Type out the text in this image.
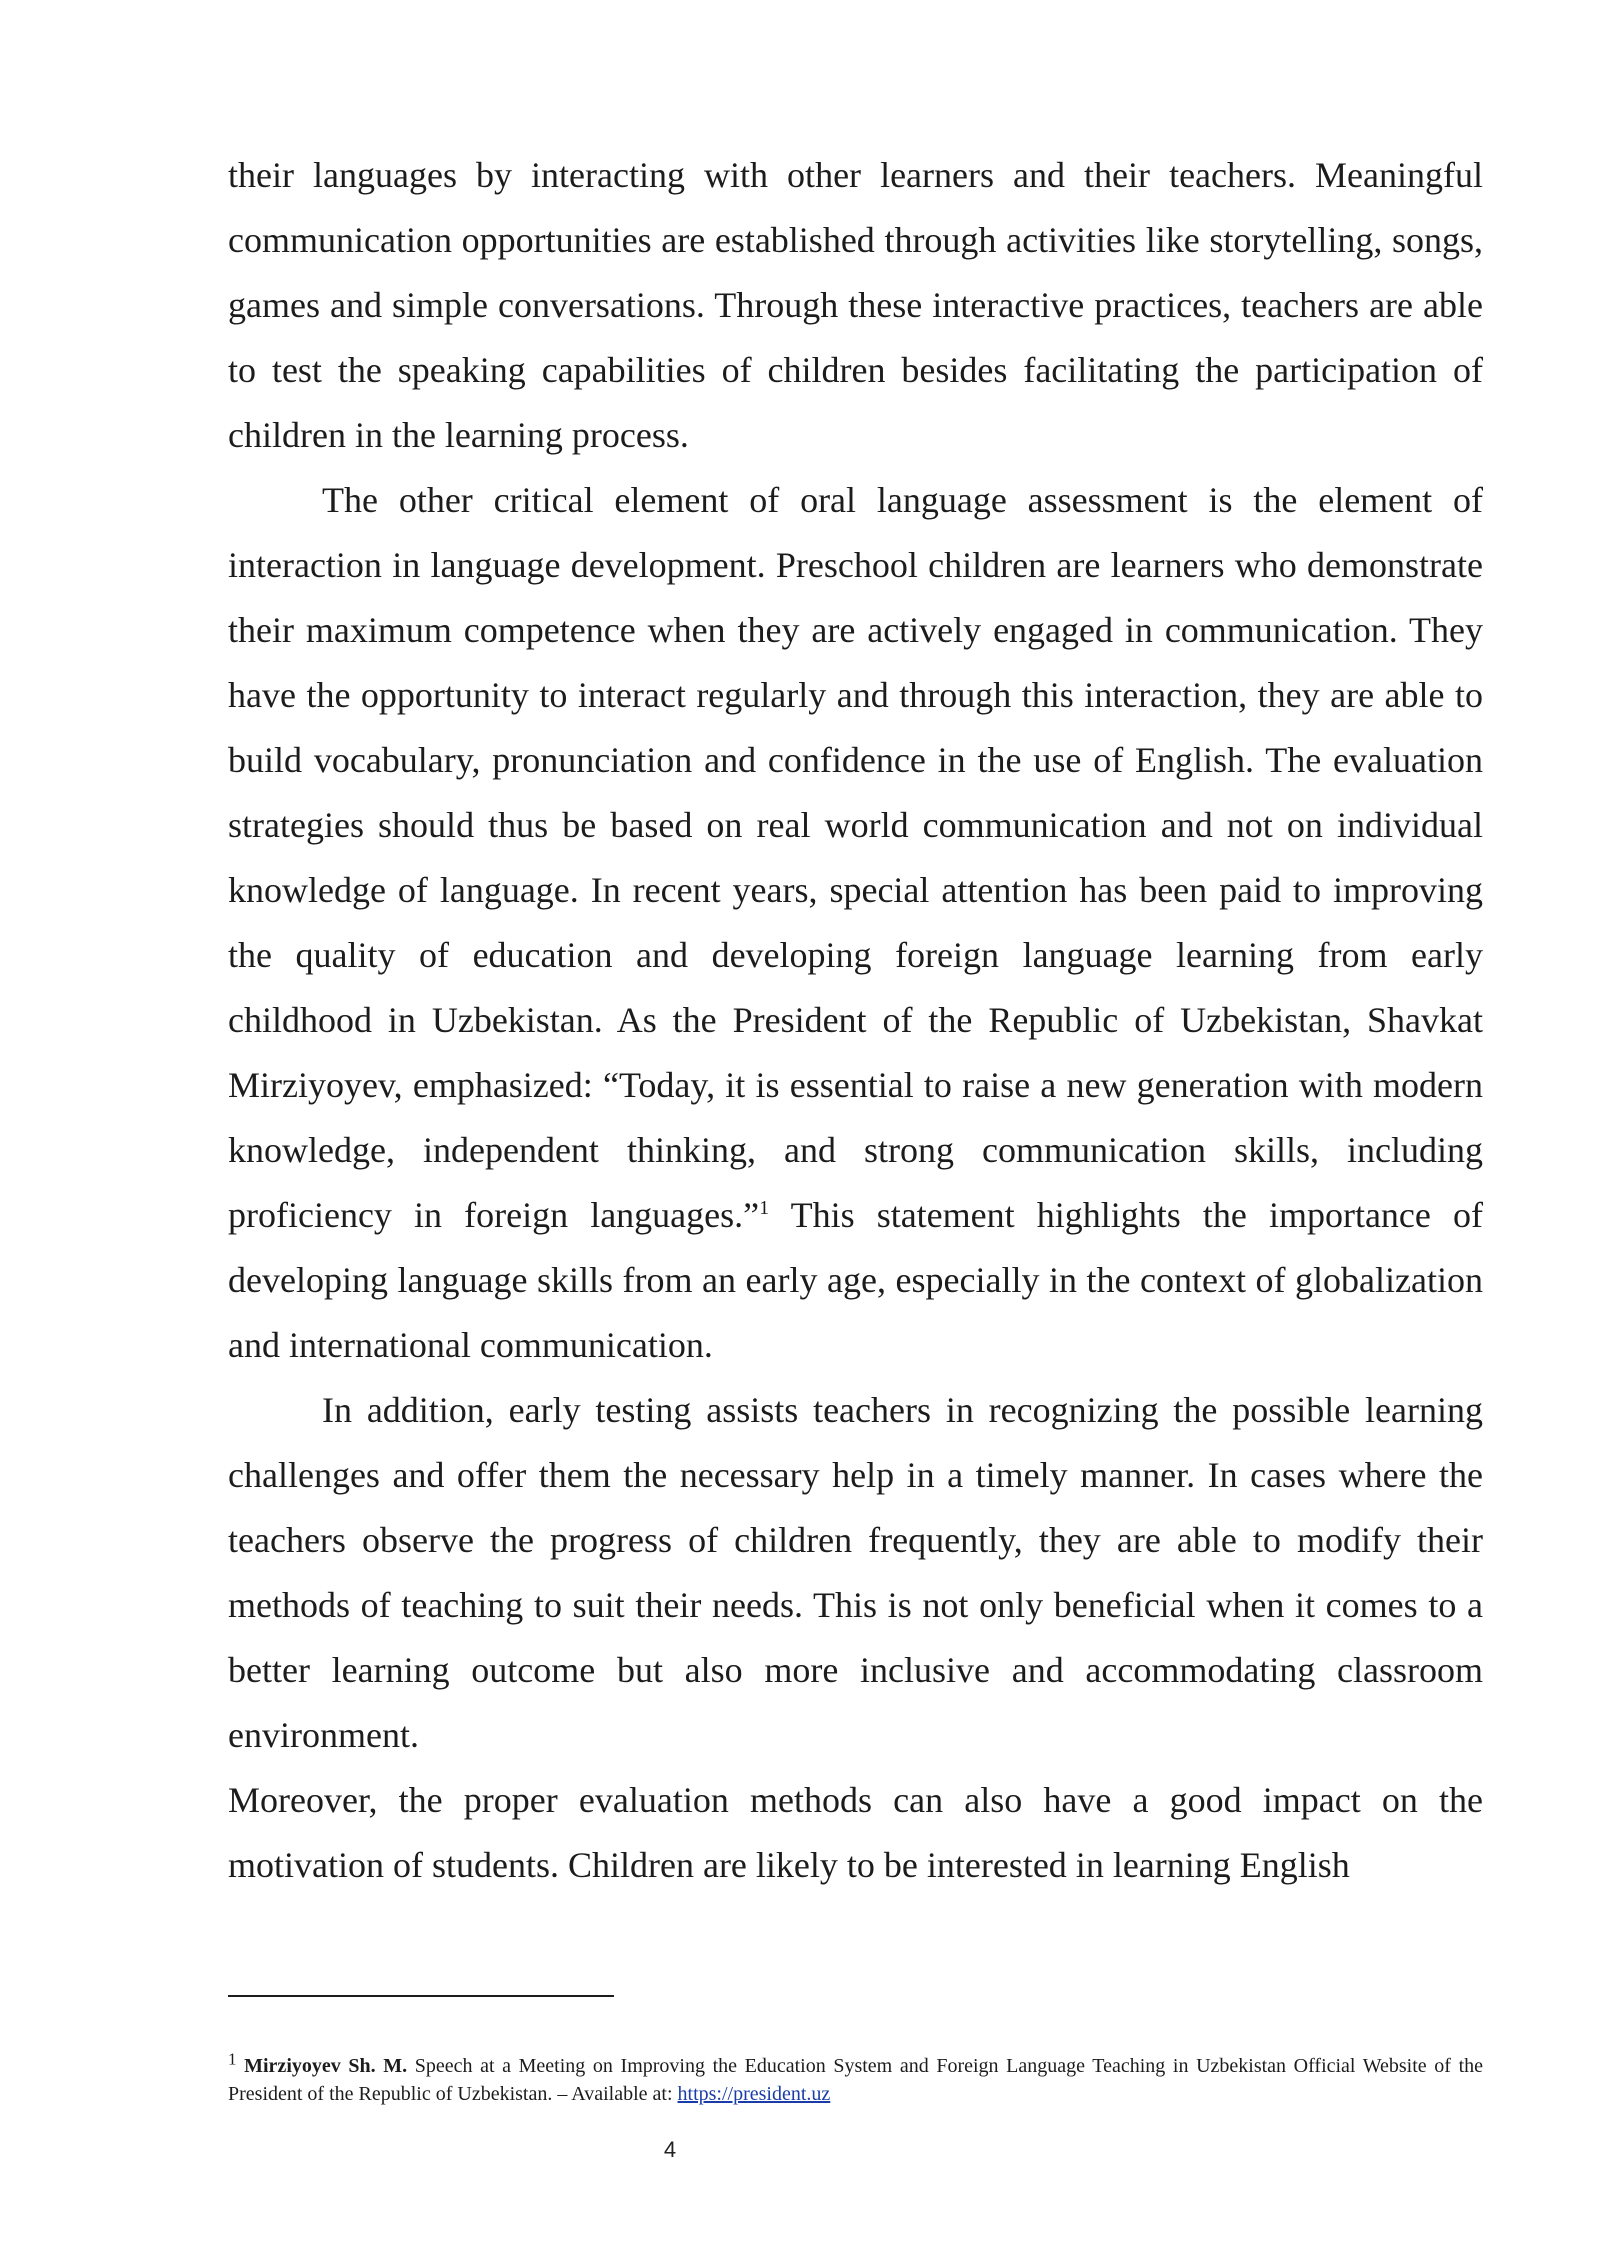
their languages by interacting with other learners and their teachers. Meaningful communication opportunities are established through activities like storytelling, songs, games and simple conversations. Through these interactive practices, teachers are able to test the speaking capabilities of children besides facilitating the participation of children in the learning process.

The other critical element of oral language assessment is the element of interaction in language development. Preschool children are learners who demonstrate their maximum competence when they are actively engaged in communication. They have the opportunity to interact regularly and through this interaction, they are able to build vocabulary, pronunciation and confidence in the use of English. The evaluation strategies should thus be based on real world communication and not on individual knowledge of language. In recent years, special attention has been paid to improving the quality of education and developing foreign language learning from early childhood in Uzbekistan. As the President of the Republic of Uzbekistan, Shavkat Mirziyoyev, emphasized: “Today, it is essential to raise a new generation with modern knowledge, independent thinking, and strong communication skills, including proficiency in foreign languages.”$^1$ This statement highlights the importance of developing language skills from an early age, especially in the context of globalization and international communication.

In addition, early testing assists teachers in recognizing the possible learning challenges and offer them the necessary help in a timely manner. In cases where the teachers observe the progress of children frequently, they are able to modify their methods of teaching to suit their needs. This is not only beneficial when it comes to a better learning outcome but also more inclusive and accommodating classroom environment.

Moreover, the proper evaluation methods can also have a good impact on the motivation of students. Children are likely to be interested in learning English

$^1$ Mirziyoyev Sh. M. Speech at a Meeting on Improving the Education System and Foreign Language Teaching in Uzbekistan Official Website of the President of the Republic of Uzbekistan. – Available at: https://president.uz
4
